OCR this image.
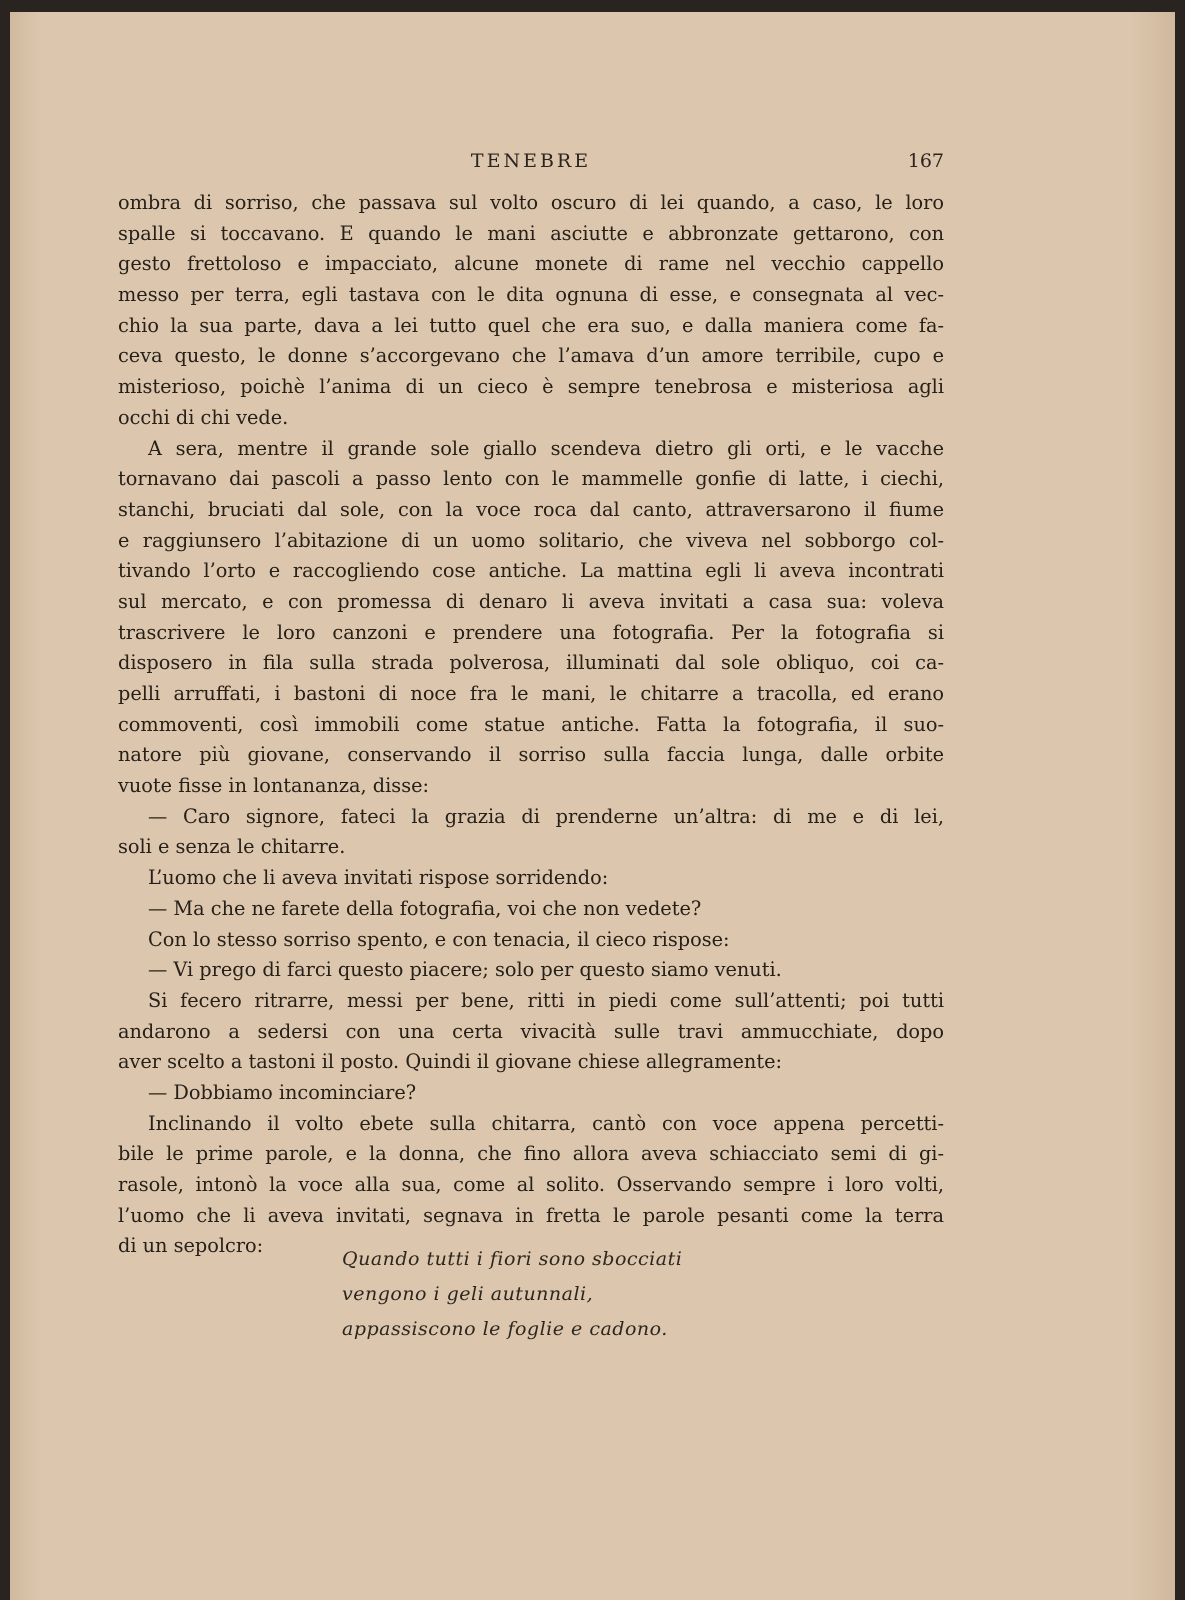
TENEBRE	167
ombra di sorriso, che passava sul volto oscuro di lei quando, a caso, le loro
spalle si toccavano. E quando le mani asciutte e abbronzate gettarono, con
gesto frettoloso e impacciato, alcune monete di rame nel vecchio cappello
messo per terra, egli tastava con le dita ognuna di esse, e consegnata al vec-
chio la sua parte, dava a lei tutto quel che era suo, e dalla maniera come fa-
ceva questo, le donne s’accorgevano che l’amava d’un amore terribile, cupo e
misterioso, poichè l’anima di un cieco è sempre tenebrosa e misteriosa agli
occhi di chi vede.
A sera, mentre il grande sole giallo scendeva dietro gli orti, e le vacche
tornavano dai pascoli a passo lento con le mammelle gonfie di latte, i ciechi,
stanchi, bruciati dal sole, con la voce roca dal canto, attraversarono il fiume
e raggiunsero l’abitazione di un uomo solitario, che viveva nel sobborgo col-
tivando l’orto e raccogliendo cose antiche. La mattina egli li aveva incontrati
sul mercato, e con promessa di denaro li aveva invitati a casa sua: voleva
trascrivere le loro canzoni e prendere una fotografia. Per la fotografia si
disposero in fila sulla strada polverosa, illuminati dal sole obliquo, coi ca-
pelli arruffati, i bastoni di noce fra le mani, le chitarre a tracolla, ed erano
commoventi, così immobili come statue antiche. Fatta la fotografia, il suo-
natore più giovane, conservando il sorriso sulla faccia lunga, dalle orbite
vuote fisse in lontananza, disse:
— Caro signore, fateci la grazia di prenderne un’altra: di me e di lei,
soli e senza le chitarre.
L’uomo che li aveva invitati rispose sorridendo:
— Ma che ne farete della fotografia, voi che non vedete?
Con lo stesso sorriso spento, e con tenacia, il cieco rispose:
— Vi prego di farci questo piacere; solo per questo siamo venuti.
Si fecero ritrarre, messi per bene, ritti in piedi come sull’attenti; poi tutti
andarono a sedersi con una certa vivacità sulle travi ammucchiate, dopo
aver scelto a tastoni il posto. Quindi il giovane chiese allegramente:
— Dobbiamo incominciare?
Inclinando il volto ebete sulla chitarra, cantò con voce appena percetti-
bile le prime parole, e la donna, che fino allora aveva schiacciato semi di gi-
rasole, intonò la voce alla sua, come al solito. Osservando sempre i loro volti,
l’uomo che li aveva invitati, segnava in fretta le parole pesanti come la terra
di un sepolcro:
Quando tutti i fiori sono sbocciati
vengono i geli autunnali,
appassiscono le foglie e cadono.
